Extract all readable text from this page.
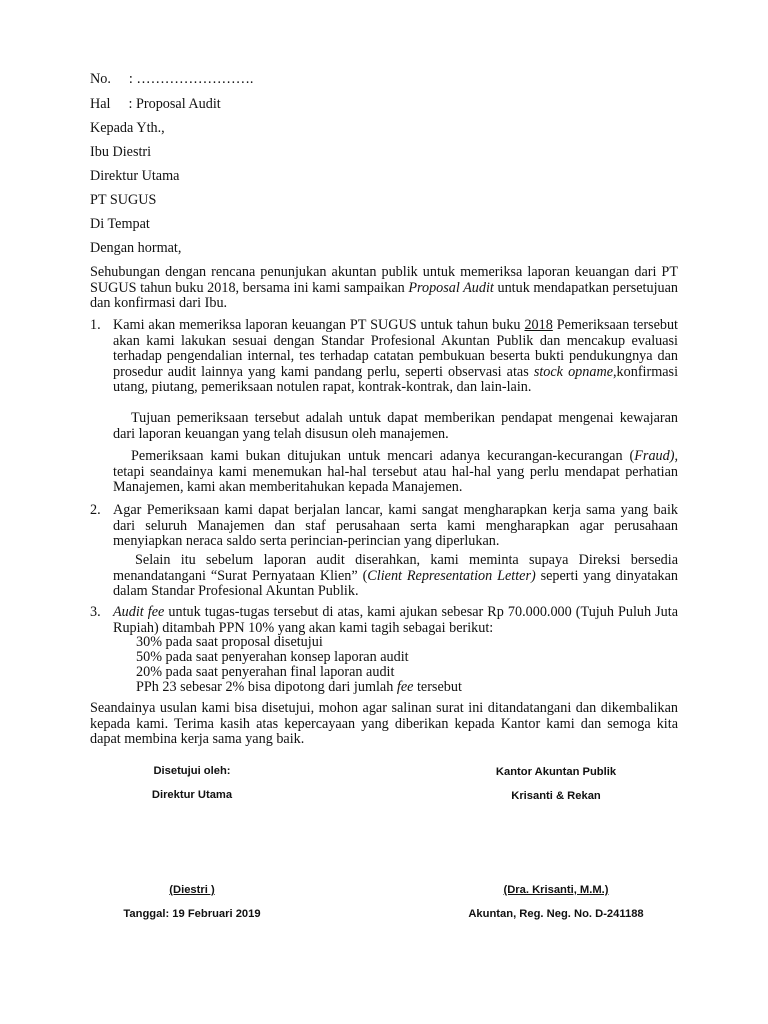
No. : …………………….
Hal : Proposal Audit
Kepada Yth.,
Ibu Diestri
Direktur Utama
PT SUGUS
Di Tempat
Dengan hormat,
Sehubungan dengan rencana penunjukan akuntan publik untuk memeriksa laporan keuangan dari PT SUGUS tahun buku 2018, bersama ini kami sampaikan Proposal Audit untuk mendapatkan persetujuan dan konfirmasi dari Ibu.
1. Kami akan memeriksa laporan keuangan PT SUGUS untuk tahun buku 2018 Pemeriksaan tersebut akan kami lakukan sesuai dengan Standar Profesional Akuntan Publik dan mencakup evaluasi terhadap pengendalian internal, tes terhadap catatan pembukuan beserta bukti pendukungnya dan prosedur audit lainnya yang kami pandang perlu, seperti observasi atas stock opname,konfirmasi utang, piutang, pemeriksaan notulen rapat, kontrak-kontrak, dan lain-lain.
Tujuan pemeriksaan tersebut adalah untuk dapat memberikan pendapat mengenai kewajaran dari laporan keuangan yang telah disusun oleh manajemen.
Pemeriksaan kami bukan ditujukan untuk mencari adanya kecurangan-kecurangan (Fraud), tetapi seandainya kami menemukan hal-hal tersebut atau hal-hal yang perlu mendapat perhatian Manajemen, kami akan memberitahukan kepada Manajemen.
2. Agar Pemeriksaan kami dapat berjalan lancar, kami sangat mengharapkan kerja sama yang baik dari seluruh Manajemen dan staf perusahaan serta kami mengharapkan agar perusahaan menyiapkan neraca saldo serta perincian-perincian yang diperlukan.
Selain itu sebelum laporan audit diserahkan, kami meminta supaya Direksi bersedia menandatangani “Surat Pernyataan Klien” (Client Representation Letter) seperti yang dinyatakan dalam Standar Profesional Akuntan Publik.
3. Audit fee untuk tugas-tugas tersebut di atas, kami ajukan sebesar Rp 70.000.000 (Tujuh Puluh Juta Rupiah) ditambah PPN 10% yang akan kami tagih sebagai berikut:
30% pada saat proposal disetujui
50% pada saat penyerahan konsep laporan audit
20% pada saat penyerahan final laporan audit
PPh 23 sebesar 2% bisa dipotong dari jumlah fee tersebut
Seandainya usulan kami bisa disetujui, mohon agar salinan surat ini ditandatangani dan dikembalikan kepada kami. Terima kasih atas kepercayaan yang diberikan kepada Kantor kami dan semoga kita dapat membina kerja sama yang baik.
Disetujui oleh:
Direktur Utama
(Diestri )
Tanggal: 19 Februari 2019
Kantor Akuntan Publik
Krisanti & Rekan
(Dra. Krisanti, M.M.)
Akuntan, Reg. Neg. No. D-241188
